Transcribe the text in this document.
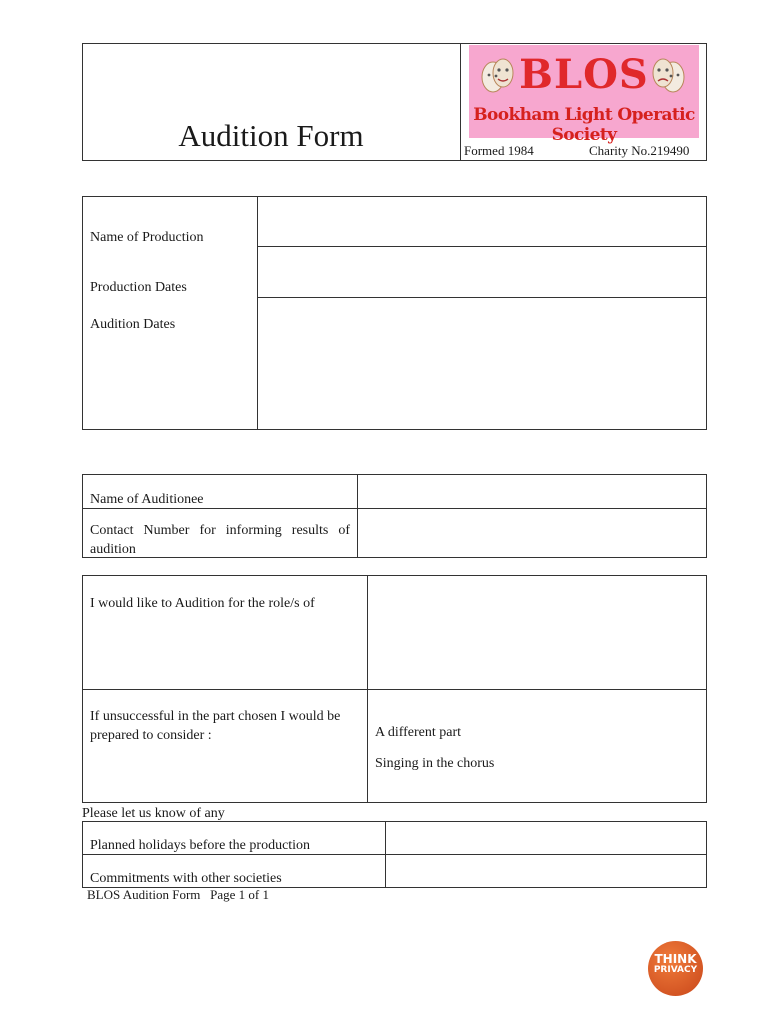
Audition Form
BLOS
Bookham Light Operatic Society
Formed 1984	Charity No.219490
Name of Production
Production Dates
Audition Dates
Name of Auditionee
Contact Number for informing results of audition
I would like to Audition for the role/s of
If unsuccessful in the part chosen I would be prepared to consider :	A different part
Singing in the chorus
Please let us know of any
Planned holidays before the production
Commitments with other societies
BLOS Audition Form   Page 1 of 1
THINK
PRIVACY
